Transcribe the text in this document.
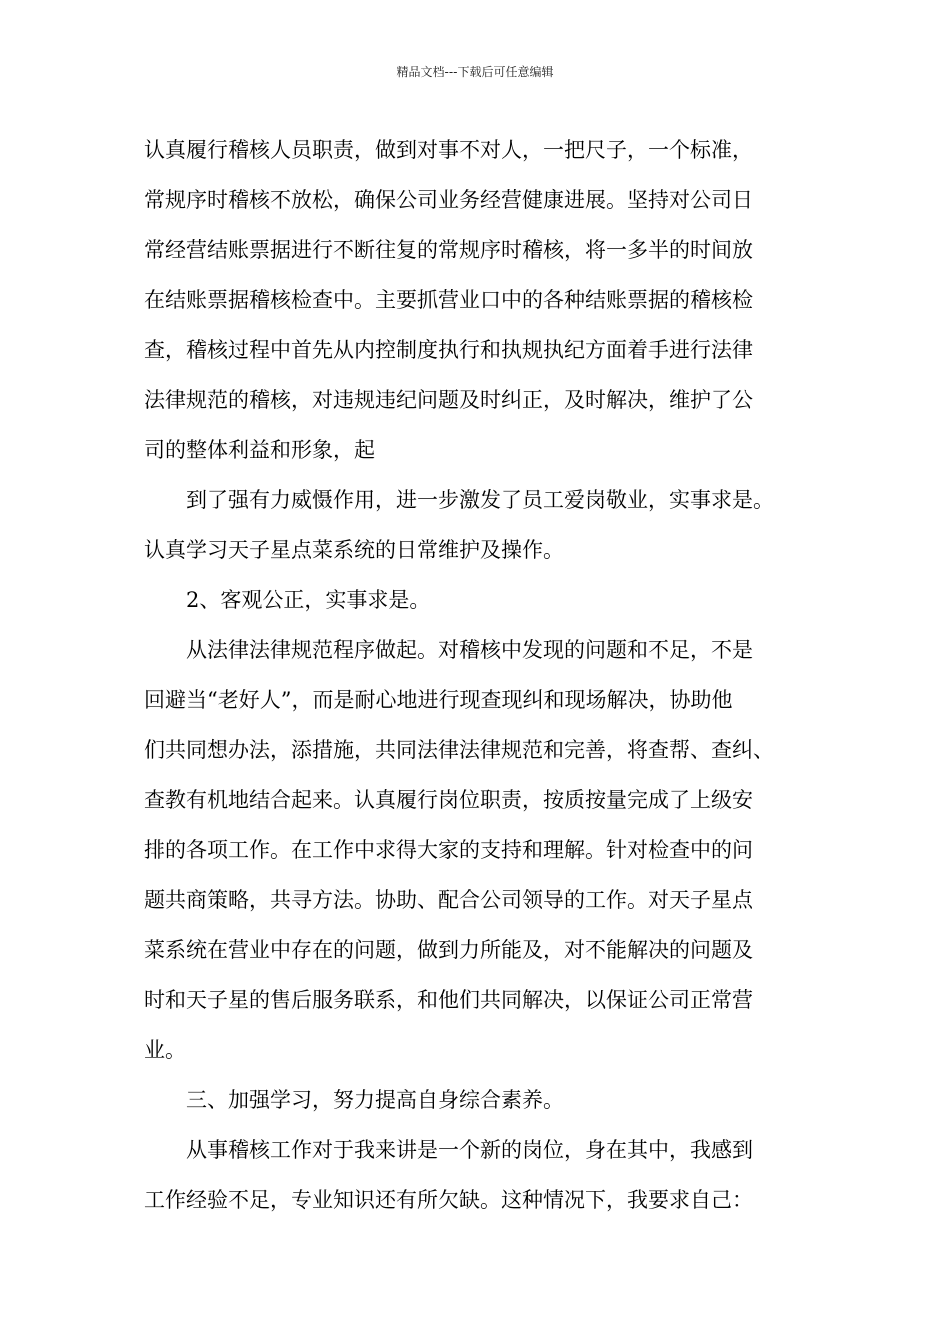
精品文档---下载后可任意编辑

认真履行稽核人员职责，做到对事不对人，一把尺子，一个标准，

常规序时稽核不放松，确保公司业务经营健康进展。坚持对公司日

常经营结账票据进行不断往复的常规序时稽核，将一多半的时间放

在结账票据稽核检查中。主要抓营业口中的各种结账票据的稽核检

查，稽核过程中首先从内控制度执行和执规执纪方面着手进行法律

法律规范的稽核，对违规违纪问题及时纠正，及时解决，维护了公

司的整体利益和形象，起

到了强有力威慑作用，进一步激发了员工爱岗敬业，实事求是。

认真学习天子星点菜系统的日常维护及操作。

2、客观公正，实事求是。

从法律法律规范程序做起。对稽核中发现的问题和不足，不是

回避当“老好人”，而是耐心地进行现查现纠和现场解决，协助他

们共同想办法，添措施，共同法律法律规范和完善，将查帮、查纠、

查教有机地结合起来。认真履行岗位职责，按质按量完成了上级安

排的各项工作。在工作中求得大家的支持和理解。针对检查中的问

题共商策略，共寻方法。协助、配合公司领导的工作。对天子星点

菜系统在营业中存在的问题，做到力所能及，对不能解决的问题及

时和天子星的售后服务联系，和他们共同解决，以保证公司正常营

业。

三、加强学习，努力提高自身综合素养。

从事稽核工作对于我来讲是一个新的岗位，身在其中，我感到

工作经验不足，专业知识还有所欠缺。这种情况下，我要求自己：
